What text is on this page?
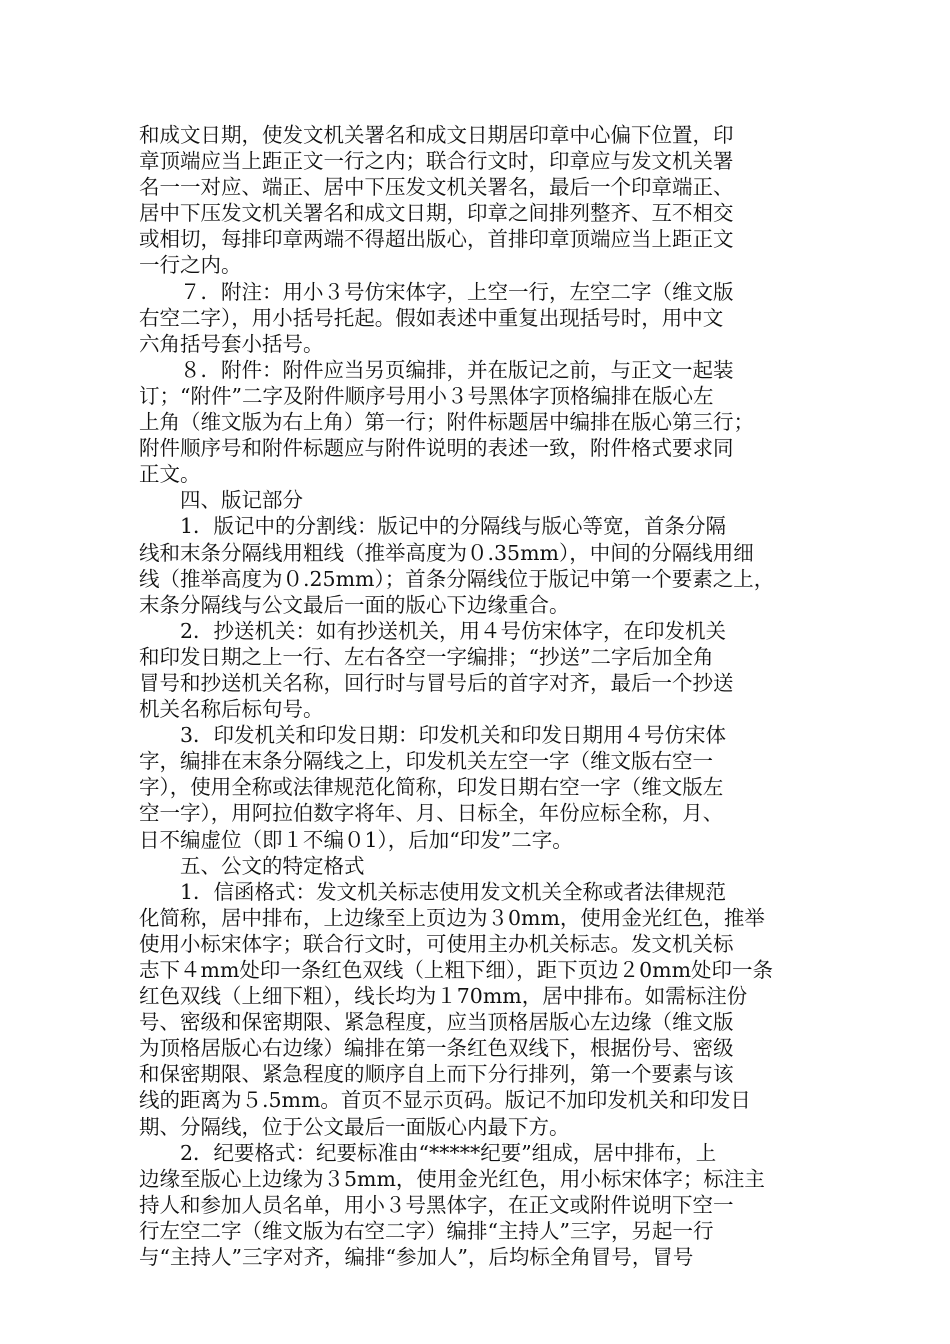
和成文日期，使发文机关署名和成文日期居印章中心偏下位置，印
章顶端应当上距正文一行之内；联合行文时，印章应与发文机关署
名一一对应、端正、居中下压发文机关署名，最后一个印章端正、
居中下压发文机关署名和成文日期，印章之间排列整齐、互不相交
或相切，每排印章两端不得超出版心，首排印章顶端应当上距正文
一行之内。
　　７．附注：用小３号仿宋体字，上空一行，左空二字（维文版
右空二字），用小括号托起。假如表述中重复出现括号时，用中文
六角括号套小括号。
　　８．附件：附件应当另页编排，并在版记之前，与正文一起装
订；“附件”二字及附件顺序号用小３号黑体字顶格编排在版心左
上角（维文版为右上角）第一行；附件标题居中编排在版心第三行；
附件顺序号和附件标题应与附件说明的表述一致，附件格式要求同
正文。
　　四、版记部分
　　1．版记中的分割线：版记中的分隔线与版心等宽，首条分隔
线和末条分隔线用粗线（推举高度为０.35mm），中间的分隔线用细
线（推举高度为０.25mm）；首条分隔线位于版记中第一个要素之上，
末条分隔线与公文最后一面的版心下边缘重合。
　　2．抄送机关：如有抄送机关，用４号仿宋体字，在印发机关
和印发日期之上一行、左右各空一字编排；“抄送”二字后加全角
冒号和抄送机关名称，回行时与冒号后的首字对齐，最后一个抄送
机关名称后标句号。
　　3．印发机关和印发日期：印发机关和印发日期用４号仿宋体
字，编排在末条分隔线之上，印发机关左空一字（维文版右空一
字），使用全称或法律规范化简称，印发日期右空一字（维文版左
空一字），用阿拉伯数字将年、月、日标全，年份应标全称，月、
日不编虚位（即１不编０1），后加“印发”二字。
　　五、公文的特定格式
　　1．信函格式：发文机关标志使用发文机关全称或者法律规范
化简称，居中排布，上边缘至上页边为３0mm，使用金光红色，推举
使用小标宋体字；联合行文时，可使用主办机关标志。发文机关标
志下４mm处印一条红色双线（上粗下细），距下页边２0mm处印一条
红色双线（上细下粗），线长均为１70mm，居中排布。如需标注份
号、密级和保密期限、紧急程度，应当顶格居版心左边缘（维文版
为顶格居版心右边缘）编排在第一条红色双线下，根据份号、密级
和保密期限、紧急程度的顺序自上而下分行排列，第一个要素与该
线的距离为５.5mm。首页不显示页码。版记不加印发机关和印发日
期、分隔线，位于公文最后一面版心内最下方。
　　2．纪要格式：纪要标准由“*****纪要”组成，居中排布，上
边缘至版心上边缘为３5mm，使用金光红色，用小标宋体字；标注主
持人和参加人员名单，用小３号黑体字，在正文或附件说明下空一
行左空二字（维文版为右空二字）编排“主持人”三字，另起一行
与“主持人”三字对齐，编排“参加人”，后均标全角冒号，冒号
